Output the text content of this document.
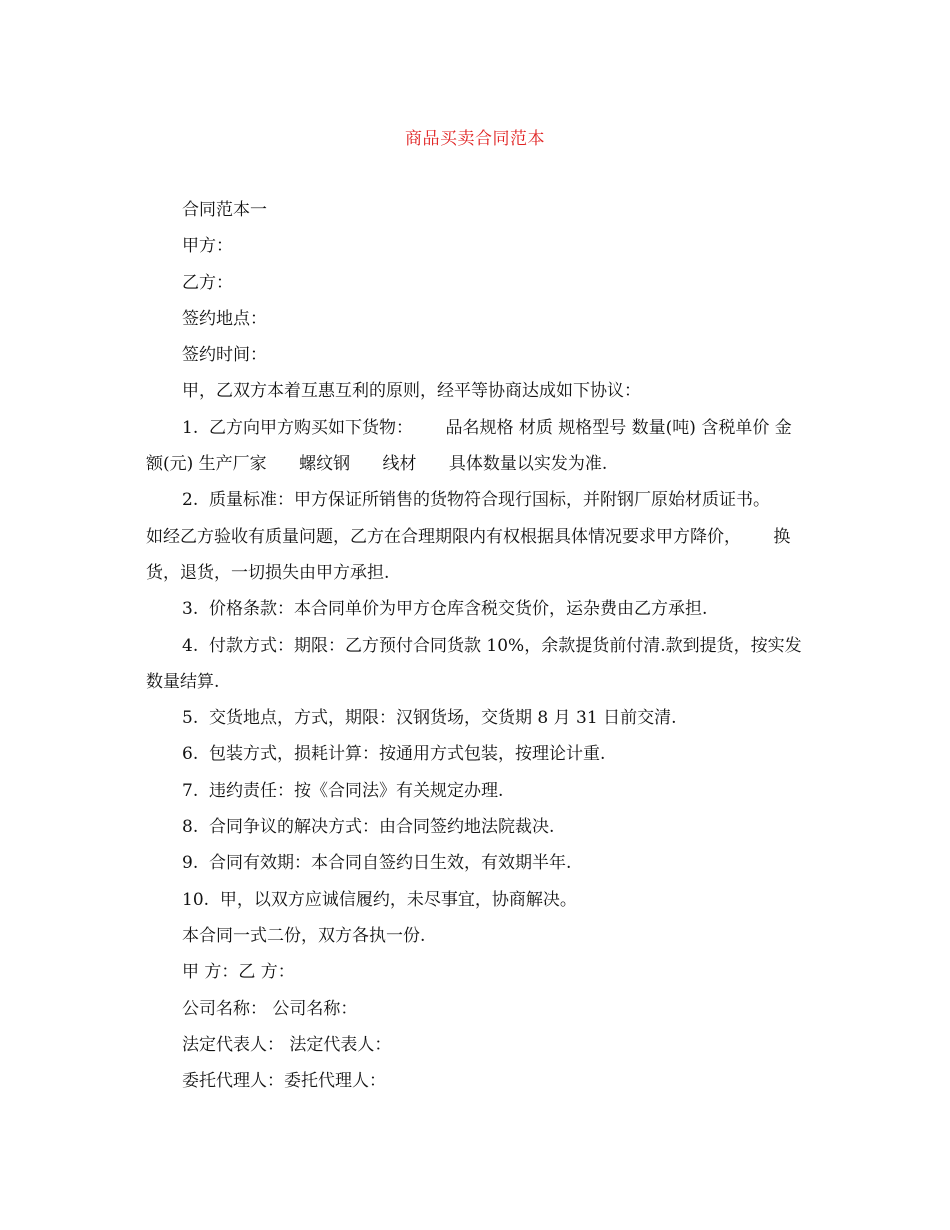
商品买卖合同范本

合同范本一

甲方：

乙方：

签约地点：

签约时间：

甲，乙双方本着互惠互利的原则，经平等协商达成如下协议：

1.  乙方向甲方购买如下货物：      品名规格 材质 规格型号 数量(吨) 含税单价 金额(元) 生产厂家      螺纹钢      线材      具体数量以实发为准.

2.  质量标准：甲方保证所销售的货物符合现行国标，并附钢厂原始材质证书。      如经乙方验收有质量问题，乙方在合理期限内有权根据具体情况要求甲方降价，      换货，退货，一切损失由甲方承担.

3.  价格条款：本合同单价为甲方仓库含税交货价，运杂费由乙方承担.

4.  付款方式：期限：乙方预付合同货款 10%，余款提货前付清.款到提货，按实发      数量结算.

5.  交货地点，方式，期限：汉钢货场，交货期 8 月 31 日前交清.

6.  包装方式，损耗计算：按通用方式包装，按理论计重.

7.  违约责任：按《合同法》有关规定办理.

8.  合同争议的解决方式：由合同签约地法院裁决.

9.  合同有效期：本合同自签约日生效，有效期半年.

10.  甲，以双方应诚信履约，未尽事宜，协商解决。

本合同一式二份，双方各执一份.

甲 方：乙 方：

公司名称： 公司名称：

法定代表人： 法定代表人：

委托代理人：委托代理人：
